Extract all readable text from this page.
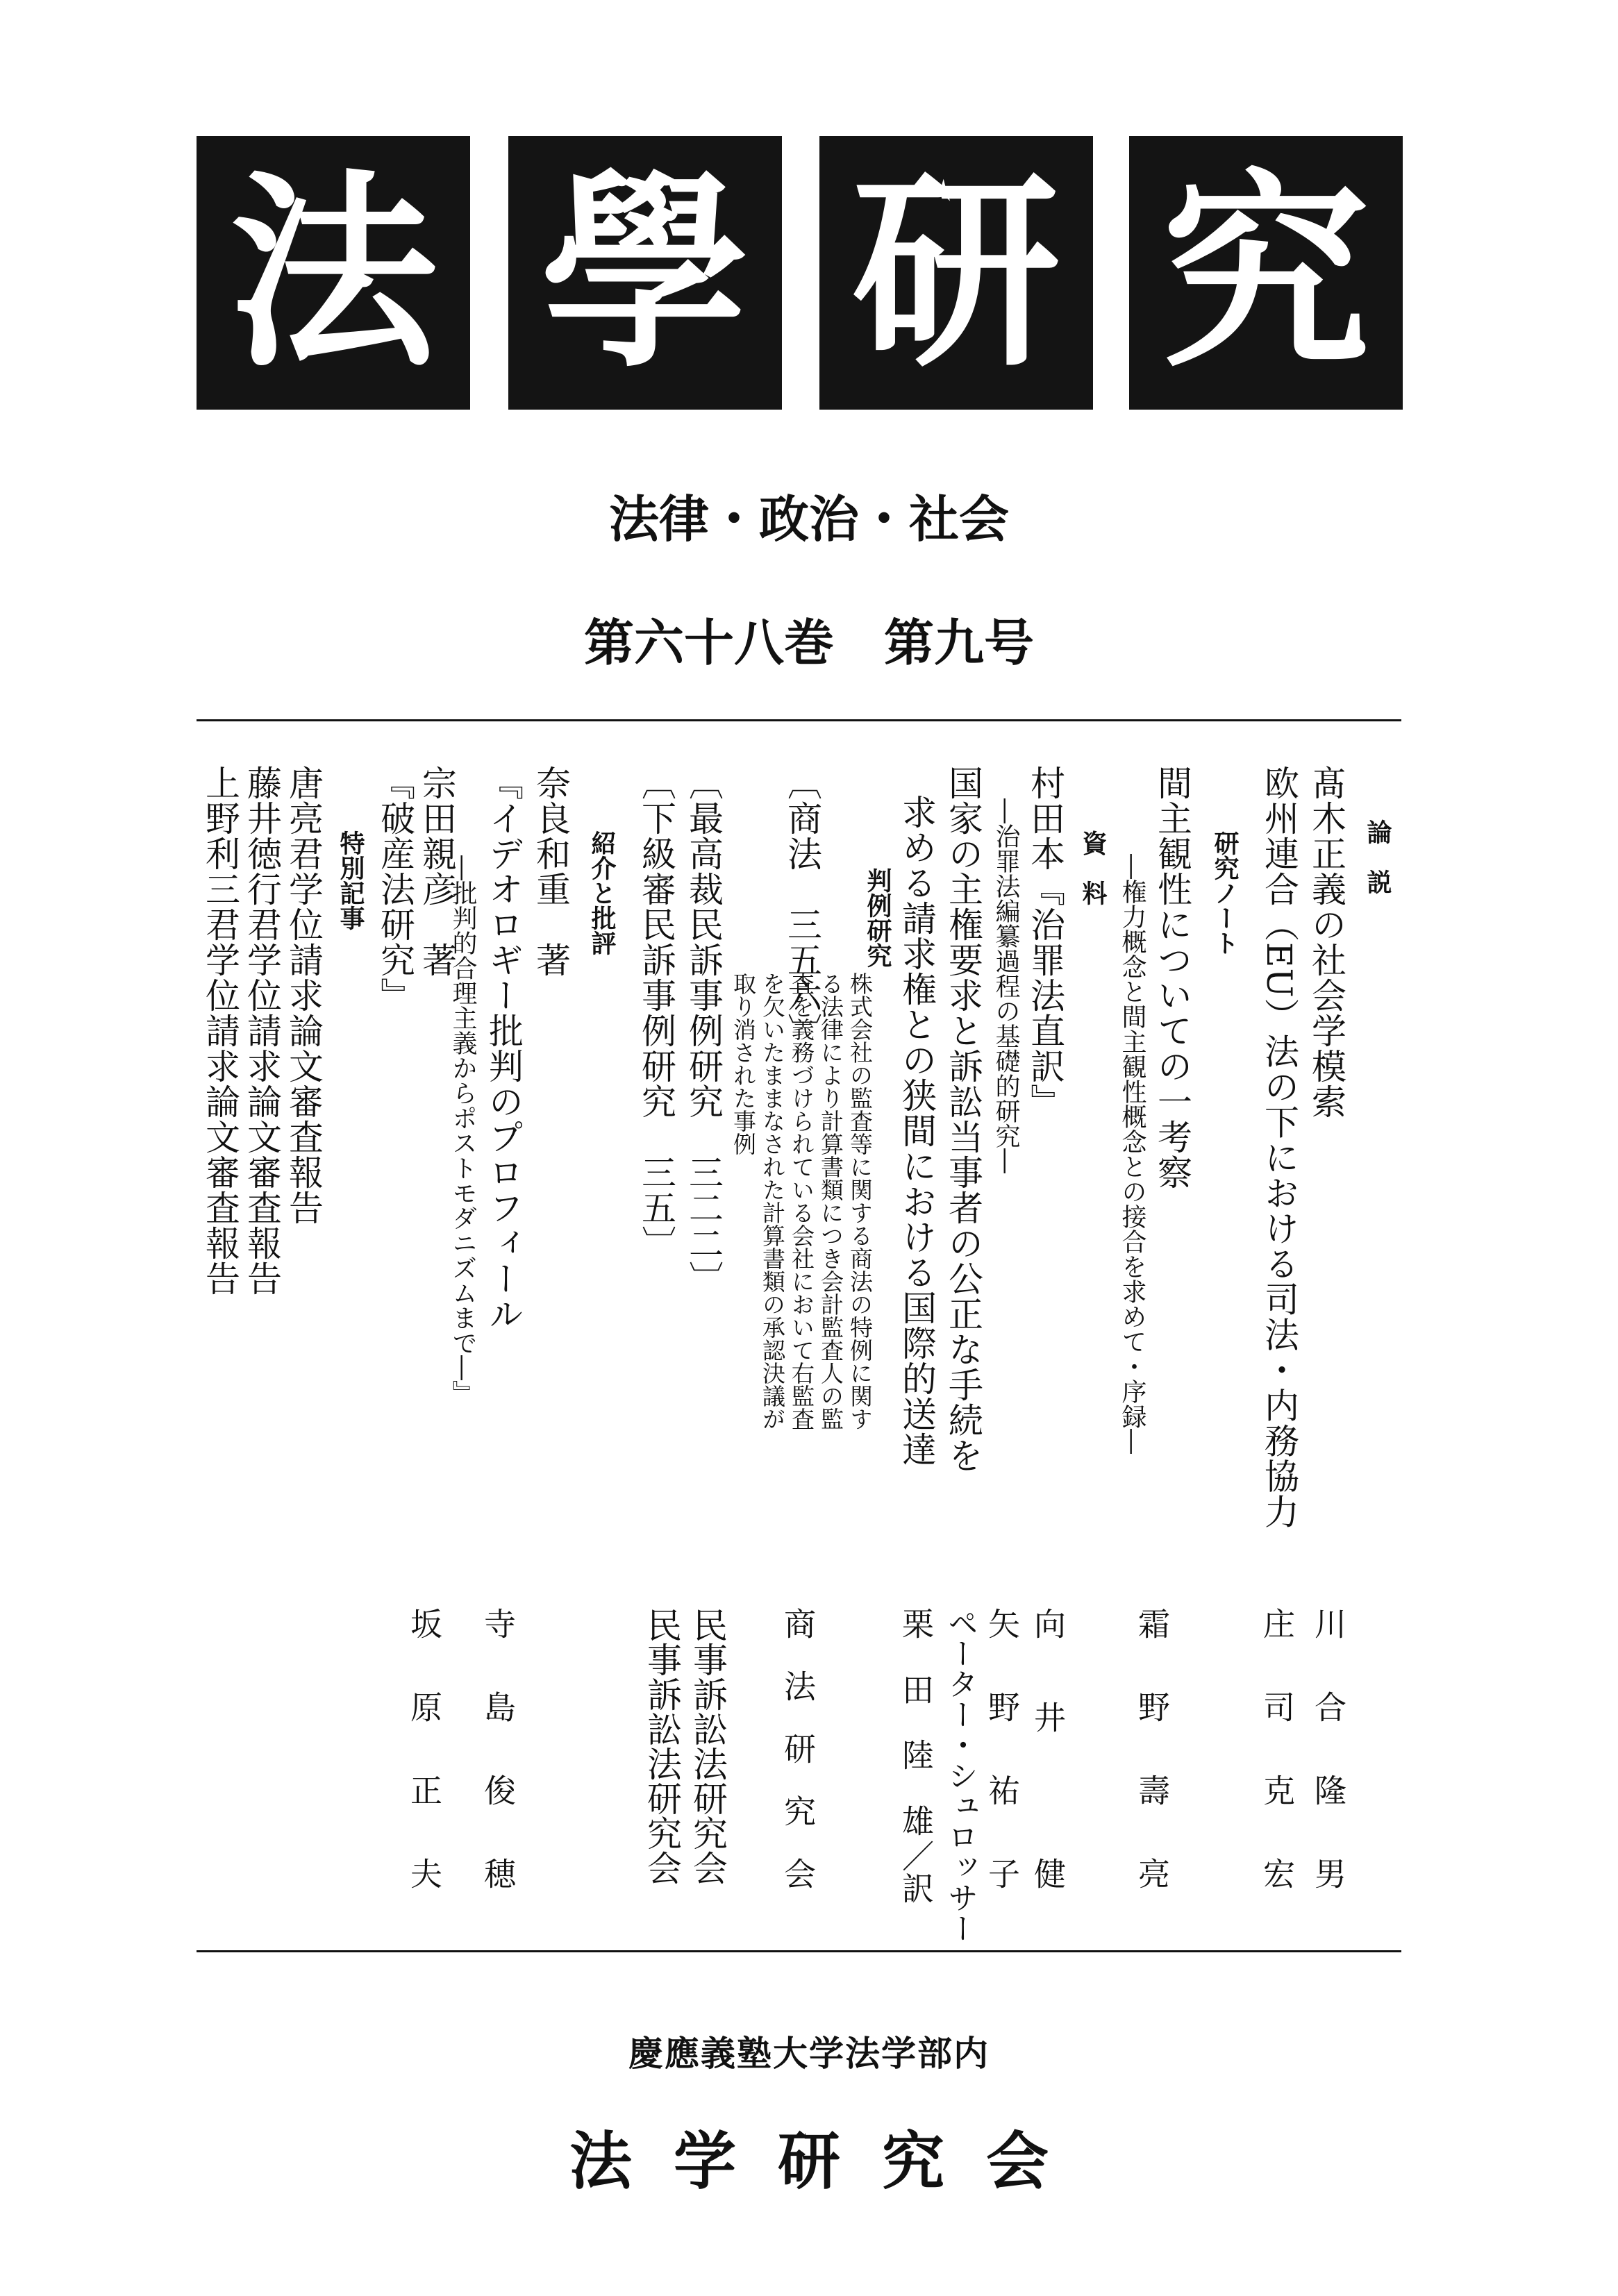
法 學 研 究
法律・政治・社会
第六十八巻　第九号
論　説
髙木正義の社会学模索
欧州連合（EU）法の下における司法・内務協力
研究ノート
間主観性についての一考察
―権力概念と間主観性概念との接合を求めて・序録―
資　料
村田本『治罪法直訳』
―治罪法編纂過程の基礎的研究―
国家の主権要求と訴訟当事者の公正な手続を
求める請求権との狭間における国際的送達
判例研究
〔商法　三五六〕
株式会社の監査等に関する商法の特例に関す
る法律により計算書類につき会計監査人の監
査を義務づけられている会社において右監査
を欠いたままなされた計算書類の承認決議が
取り消された事例
〔最高裁民訴事例研究　三二二〕
〔下級審民訴事例研究　三五〕
紹介と批評
奈良和重　著
『イデオロギー批判のプロフィール
―批判的合理主義からポストモダニズムまで―』
宗田親彦　著
『破産法研究』
特別記事
唐亮君学位請求論文審査報告
藤井徳行君学位請求論文審査報告
上野利三君学位請求論文審査報告
川
合
隆
男
庄
司
克
宏
霜
野
壽
亮
向
井
健
矢
野
祐
子
ペーター・シュロッサー
栗
田
陸
雄
／訳
商
法
研
究
会
民事訴訟法研究会
民事訴訟法研究会
寺
島
俊
穂
坂
原
正
夫
慶應義塾大学法学部内
法学研究会
